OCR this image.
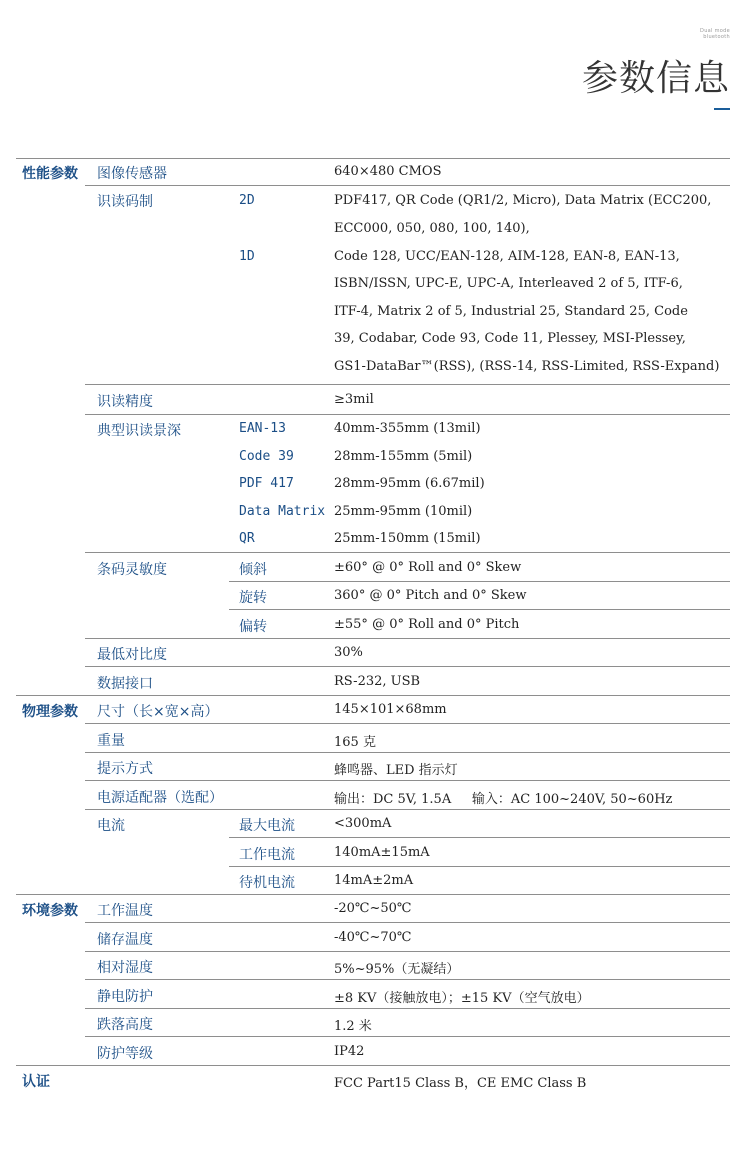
Dual mode
bluetooth
参数信息
性能参数 图像传感器	640×480 CMOS
识读码制	2D	PDF417, QR Code (QR1/2, Micro), Data Matrix (ECC200,
ECC000, 050, 080, 100, 140),
1D	Code 128, UCC/EAN-128, AIM-128, EAN-8, EAN-13,
ISBN/ISSN, UPC-E, UPC-A, Interleaved 2 of 5, ITF-6,
ITF-4, Matrix 2 of 5, Industrial 25, Standard 25, Code
39, Codabar, Code 93, Code 11, Plessey, MSI-Plessey,
GS1-DataBar™(RSS), (RSS-14, RSS-Limited, RSS-Expand)
识读精度	≥3mil
典型识读景深	EAN-13	40mm-355mm (13mil)
Code 39	28mm-155mm (5mil)
PDF 417	28mm-95mm (6.67mil)
Data Matrix 25mm-95mm (10mil)
QR	25mm-150mm (15mil)
条码灵敏度	倾斜	±60° @ 0° Roll and 0° Skew
旋转	360° @ 0° Pitch and 0° Skew
偏转	±55° @ 0° Roll and 0° Pitch
最低对比度	30%
数据接口	RS-232, USB
物理参数 尺寸（长×宽×高）	145×101×68mm
重量	165 克
提示方式	蜂鸣器、LED 指示灯
电源适配器（选配）	输出：DC 5V, 1.5A     输入：AC 100~240V, 50~60Hz
电流	最大电流	<300mA
工作电流	140mA±15mA
待机电流	14mA±2mA
环境参数 工作温度	-20℃~50℃
储存温度	-40℃~70℃
相对湿度	5%~95%（无凝结）
静电防护	±8 KV（接触放电）；±15 KV（空气放电）
跌落高度	1.2 米
防护等级	IP42
认证	FCC Part15 Class B，CE EMC Class B
